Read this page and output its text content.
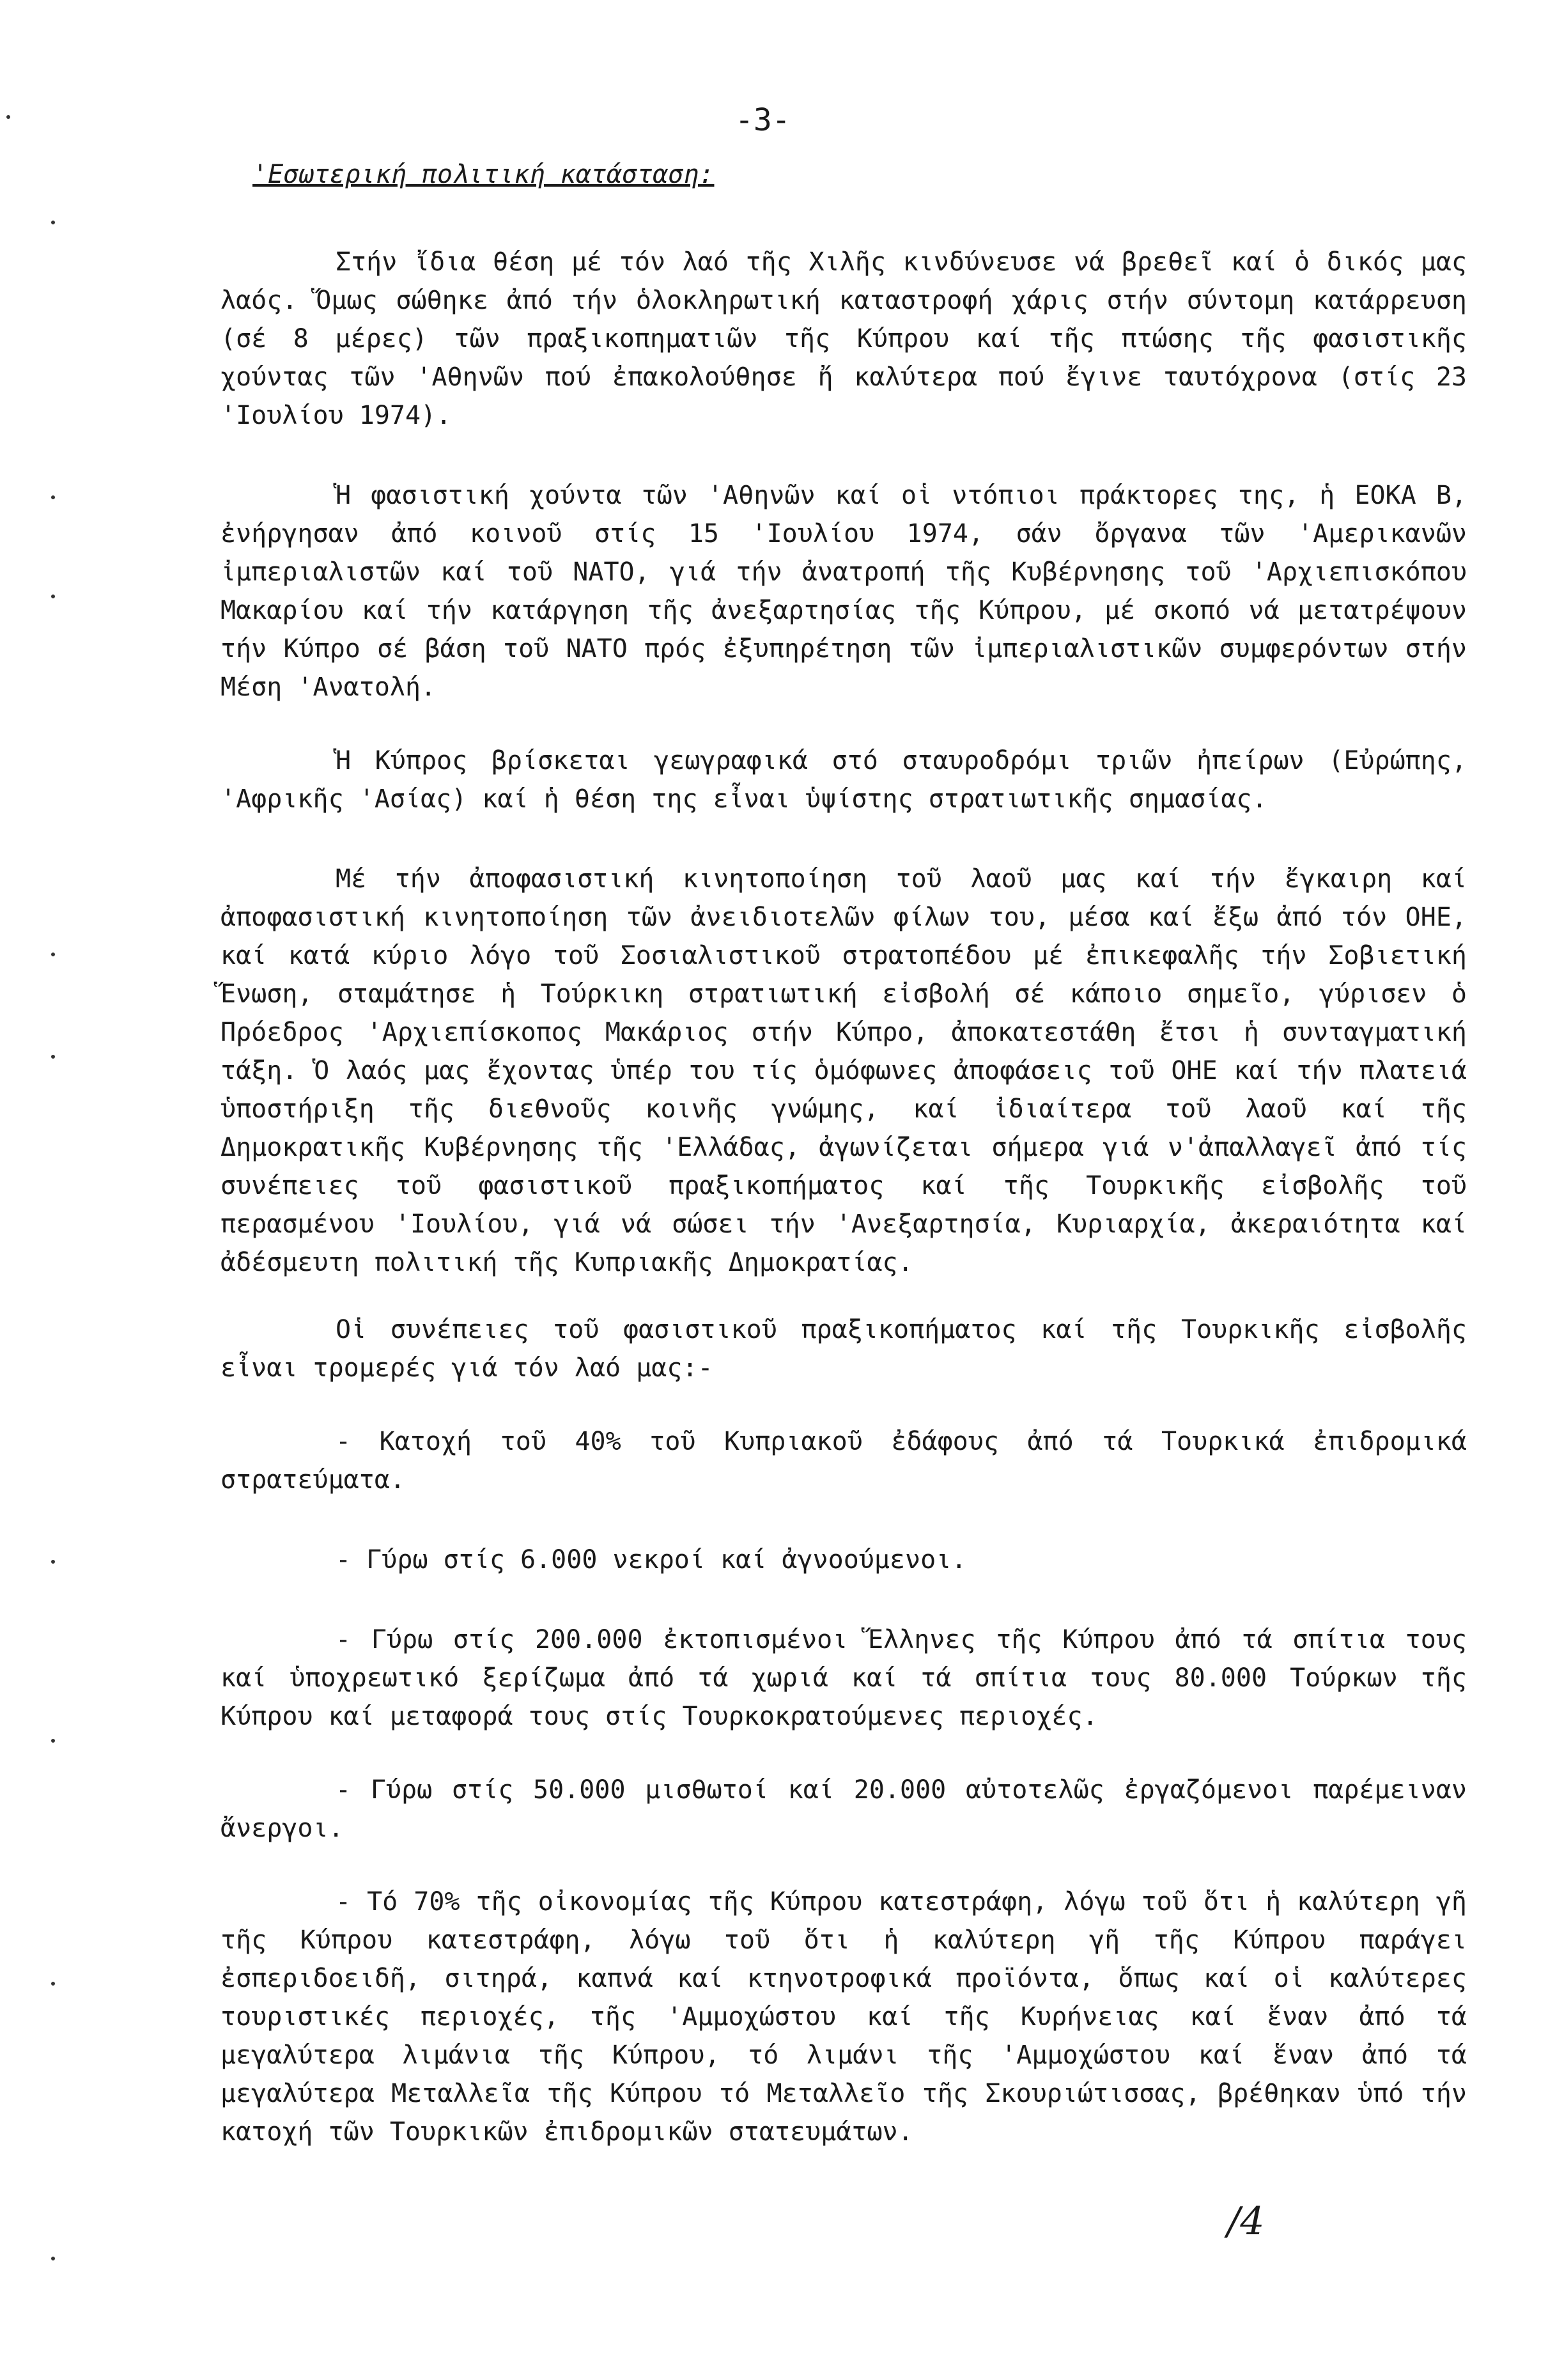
-3-
'Εσωτερική πολιτική κατάσταση:

Στήν ἴδια θέση μέ τόν λαό τῆς Χιλῆς κινδύνευσε νά βρεθεῖ καί ὁ δικός μας λαός. Ὅμως σώθηκε ἀπό τήν ὁλοκληρωτική καταστροφή χάρις στήν σύντομη κατάρρευση (σέ 8 μέρες) τῶν πραξικοπηματιῶν τῆς Κύπρου καί τῆς πτώσης τῆς φασιστικῆς χούντας τῶν 'Αθηνῶν πού ἐπακολούθησε ἤ καλύτερα πού ἔγινε ταυτόχρονα (στίς 23 'Ιουλίου 1974).

Ἡ φασιστική χούντα τῶν 'Αθηνῶν καί οἱ ντόπιοι πράκτορες της, ἡ ΕΟΚΑ Β, ἐνήργησαν ἀπό κοινοῦ στίς 15 'Ιουλίου 1974, σάν ὄργανα τῶν 'Αμερικανῶν ἰμπεριαλιστῶν καί τοῦ ΝΑΤΟ, γιά τήν ἀνατροπή τῆς Κυβέρνησης τοῦ 'Αρχιεπισκόπου Μακαρίου καί τήν κατάργηση τῆς ἀνεξαρτησίας τῆς Κύπρου, μέ σκοπό νά μετατρέψουν τήν Κύπρο σέ βάση τοῦ ΝΑΤΟ πρός ἐξυπηρέτηση τῶν ἰμπεριαλιστικῶν συμφερόντων στήν Μέση 'Ανατολή.

Ἡ Κύπρος βρίσκεται γεωγραφικά στό σταυροδρόμι τριῶν ἠπείρων (Εὐρώπης, 'Αφρικῆς 'Ασίας) καί ἡ θέση της εἶναι ὑψίστης στρατιωτικῆς σημασίας.

Μέ τήν ἀποφασιστική κινητοποίηση τοῦ λαοῦ μας καί τήν ἔγκαιρη καί ἀποφασιστική κινητοποίηση τῶν ἀνειδιοτελῶν φίλων του, μέσα καί ἔξω ἀπό τόν ΟΗΕ, καί κατά κύριο λόγο τοῦ Σοσιαλιστικοῦ στρατοπέδου μέ ἐπικεφαλῆς τήν Σοβιετική Ἕνωση, σταμάτησε ἡ Τούρκικη στρατιωτική εἰσβολή σέ κάποιο σημεῖο, γύρισεν ὁ Πρόεδρος 'Αρχιεπίσκοπος Μακάριος στήν Κύπρο, ἀποκατεστάθη ἔτσι ἡ συνταγματική τάξη. Ὁ λαός μας ἔχοντας ὑπέρ του τίς ὁμόφωνες ἀποφάσεις τοῦ ΟΗΕ καί τήν πλατειά ὑποστήριξη τῆς διεθνοῦς κοινῆς γνώμης, καί ἰδιαίτερα τοῦ λαοῦ καί τῆς Δημοκρατικῆς Κυβέρνησης τῆς 'Ελλάδας, ἀγωνίζεται σήμερα γιά ν'ἀπαλλαγεῖ ἀπό τίς συνέπειες τοῦ φασιστικοῦ πραξικοπήματος καί τῆς Τουρκικῆς εἰσβολῆς τοῦ περασμένου 'Ιουλίου, γιά νά σώσει τήν 'Ανεξαρτησία, Κυριαρχία, ἀκεραιότητα καί ἀδέσμευτη πολιτική τῆς Κυπριακῆς Δημοκρατίας.

Οἱ συνέπειες τοῦ φασιστικοῦ πραξικοπήματος καί τῆς Τουρκικῆς εἰσβολῆς εἶναι τρομερές γιά τόν λαό μας:-

- Κατοχή τοῦ 40% τοῦ Κυπριακοῦ ἐδάφους ἀπό τά Τουρκικά ἐπιδρομικά στρατεύματα.

- Γύρω στίς 6.000 νεκροί καί ἀγνοούμενοι.

- Γύρω στίς 200.000 ἐκτοπισμένοι Ἕλληνες τῆς Κύπρου ἀπό τά σπίτια τους καί ὑποχρεωτικό ξερίζωμα ἀπό τά χωριά καί τά σπίτια τους 80.000 Τούρκων τῆς Κύπρου καί μεταφορά τους στίς Τουρκοκρατούμενες περιοχές.

- Γύρω στίς 50.000 μισθωτοί καί 20.000 αὐτοτελῶς ἐργαζόμενοι παρέμειναν ἄνεργοι.

- Τό 70% τῆς οἰκονομίας τῆς Κύπρου κατεστράφη, λόγω τοῦ ὅτι ἡ καλύτερη γῆ τῆς Κύπρου κατεστράφη, λόγω τοῦ ὅτι ἡ καλύτερη γῆ τῆς Κύπρου παράγει ἐσπεριδοειδῆ, σιτηρά, καπνά καί κτηνοτροφικά προϊόντα, ὅπως καί οἱ καλύτερες τουριστικές περιοχές, τῆς 'Αμμοχώστου καί τῆς Κυρήνειας καί ἕναν ἀπό τά μεγαλύτερα λιμάνια τῆς Κύπρου, τό λιμάνι τῆς 'Αμμοχώστου καί ἕναν ἀπό τά μεγαλύτερα Μεταλλεῖα τῆς Κύπρου τό Μεταλλεῖο τῆς Σκουριώτισσας, βρέθηκαν ὑπό τήν κατοχή τῶν Τουρκικῶν ἐπιδρομικῶν στατευμάτων.

/4
